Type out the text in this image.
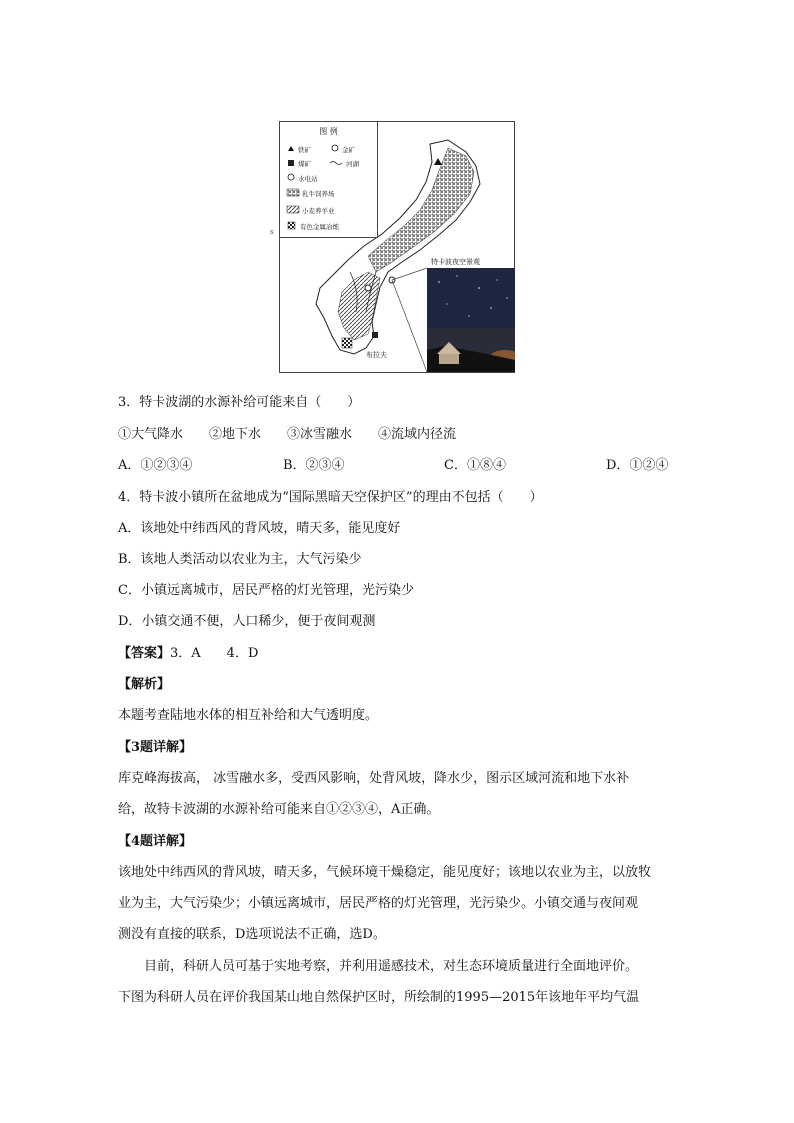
图 例
铁矿	金矿
煤矿	河湖
水电站
乳牛饲养场
小麦养羊业
有色金属冶炼
特卡波夜空景观
布拉夫
s
3．特卡波湖的水源补给可能来自（　　）
①大气降水　　②地下水　　③冰雪融水　　④流域内径流
A．①②③④	B．②③④	C．①⑧④	D．①②④
4．特卡波小镇所在盆地成为“国际黑暗天空保护区”的理由不包括（　　）
A．该地处中纬西风的背风坡，晴天多，能见度好
B．该地人类活动以农业为主，大气污染少
C．小镇远离城市，居民严格的灯光管理，光污染少
D．小镇交通不便，人口稀少，便于夜间观测
【答案】3．A　　4．D
【解析】
本题考查陆地水体的相互补给和大气透明度。
【3题详解】
库克峰海拔高， 冰雪融水多，受西风影响，处背风坡，降水少，图示区域河流和地下水补
给，故特卡波湖的水源补给可能来自①②③④，A正确。
【4题详解】
该地处中纬西风的背风坡，晴天多，气候环境干燥稳定，能见度好；该地以农业为主，以放牧
业为主，大气污染少；小镇远离城市，居民严格的灯光管理，光污染少。小镇交通与夜间观
测没有直接的联系，D选项说法不正确，选D。
　　目前，科研人员可基于实地考察，并利用遥感技术，对生态环境质量进行全面地评价。
下图为科研人员在评价我国某山地自然保护区时，所绘制的1995—2015年该地年平均气温
